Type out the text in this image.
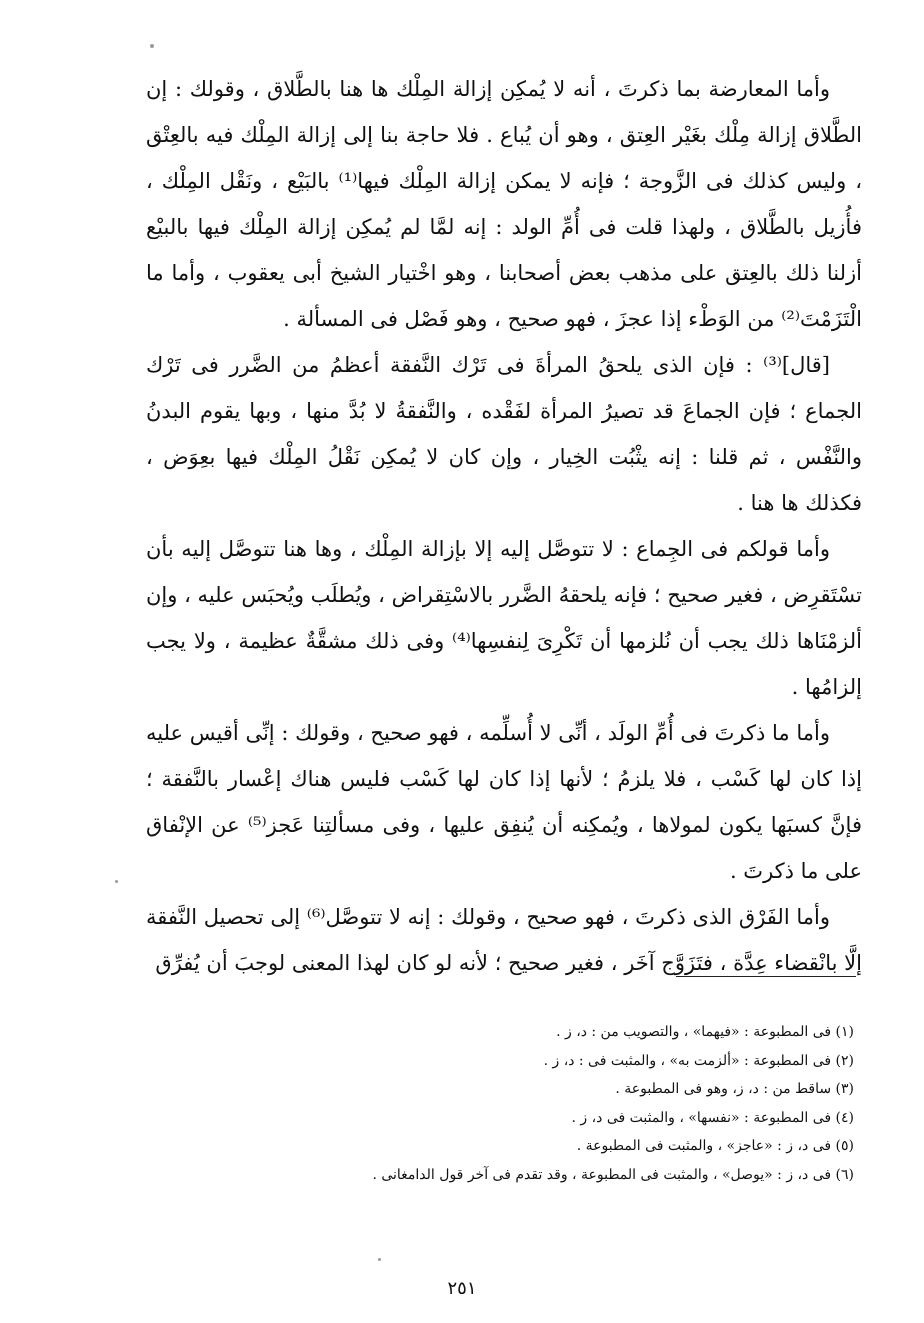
وأما المعارضة بما ذكرتَ ، أنه لا يُمكِن إزالة المِلْك ها هنا بالطَّلاق ، وقولك : إن الطَّلاق إزالة مِلْك بغَيْر العِتق ، وهو أن يُباع . فلا حاجة بنا إلى إزالة المِلْك فيه بالعِتْق ، وليس كذلك فى الزَّوجة ؛ فإنه لا يمكن إزالة المِلْك فيها⁽¹⁾ بالبَيْع ، ونَقْل المِلْك ، فأُزيل بالطَّلاق ، ولهذا قلت فى أُمِّ الولد : إنه لمَّا لم يُمكِن إزالة المِلْك فيها بالبيْع أزلنا ذلك بالعِتق على مذهب بعض أصحابنا ، وهو اخْتيار الشيخ أبى يعقوب ، وأما ما الْتَزَمْتَ⁽²⁾ من الوَطْء إذا عجزَ ، فهو صحيح ، وهو فَصْل فى المسألة .

[قال]⁽³⁾ : فإن الذى يلحقُ المرأةَ فى تَرْك النَّفقة أعظمُ من الضَّرر فى تَرْك الجماع ؛ فإن الجماعَ قد تصيرُ المرأة لفَقْده ، والنَّفقةُ لا بُدَّ منها ، وبها يقوم البدنُ والنَّفْس ، ثم قلنا : إنه يثْبُت الخِيار ، وإن كان لا يُمكِن نَقْلُ المِلْك فيها بعِوَض ، فكذلك ها هنا .

وأما قولكم فى الجِماع : لا تتوصَّل إليه إلا بإزالة المِلْك ، وها هنا تتوصَّل إليه بأن تسْتَقرِض ، فغير صحيح ؛ فإنه يلحقهُ الضَّرر بالاسْتِقراض ، ويُطلَب ويُحبَس عليه ، وإن ألزمْنَاها ذلك يجب أن نُلزمها أن تَكْرِىَ لِنفسِها⁽⁴⁾ وفى ذلك مشقَّةٌ عظيمة ، ولا يجب إلزامُها .

وأما ما ذكرتَ فى أُمِّ الولَد ، أنِّى لا أُسلِّمه ، فهو صحيح ، وقولك : إنِّى أقيس عليه إذا كان لها كَسْب ، فلا يلزمُ ؛ لأنها إذا كان لها كَسْب فليس هناك إعْسار بالنَّفقة ؛ فإنَّ كسبَها يكون لمولاها ، ويُمكِنه أن يُنفِق عليها ، وفى مسألتِنا عَجز⁽⁵⁾ عن الإنْفاق على ما ذكرتَ .

وأما الفَرْق الذى ذكرتَ ، فهو صحيح ، وقولك : إنه لا تتوصَّل⁽⁶⁾ إلى تحصيل النَّفقة إلَّا بانْقضاء عِدَّة ، فتَزَوَّج آخَر ، فغير صحيح ؛ لأنه لو كان لهذا المعنى لوجبَ أن يُفرِّق

(١) فى المطبوعة : «فيهما» ، والتصويب من : د، ز .
(٢) فى المطبوعة : «ألزمت به» ، والمثبت فى : د، ز .
(٣) ساقط من : د، ز، وهو فى المطبوعة .
(٤) فى المطبوعة : «نفسها» ، والمثبت فى د، ز .
(٥) فى د، ز : «عاجز» ، والمثبت فى المطبوعة .
(٦) فى د، ز : «يوصل» ، والمثبت فى المطبوعة ، وقد تقدم فى آخر قول الدامغانى .
٢٥١
